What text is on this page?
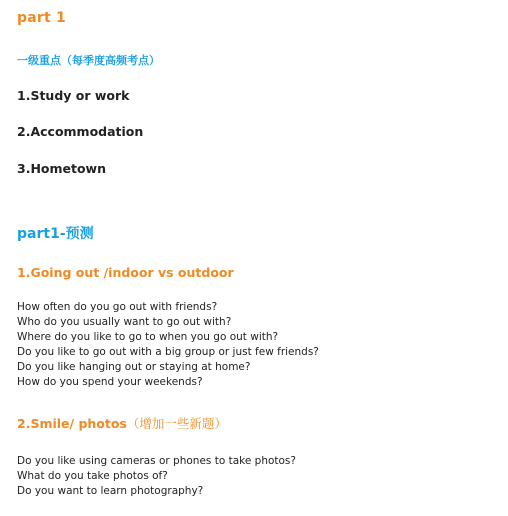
part 1
一级重点（每季度高频考点）
1.Study or work
2.Accommodation
3.Hometown
part1-预测
1.Going out /indoor vs outdoor
How often do you go out with friends?
Who do you usually want to go out with?
Where do you like to go to when you go out with?
Do you like to go out with a big group or just few friends?
Do you like hanging out or staying at home?
How do you spend your weekends?
2.Smile/ photos（增加一些新题）
Do you like using cameras or phones to take photos?
What do you take photos of?
Do you want to learn photography?
